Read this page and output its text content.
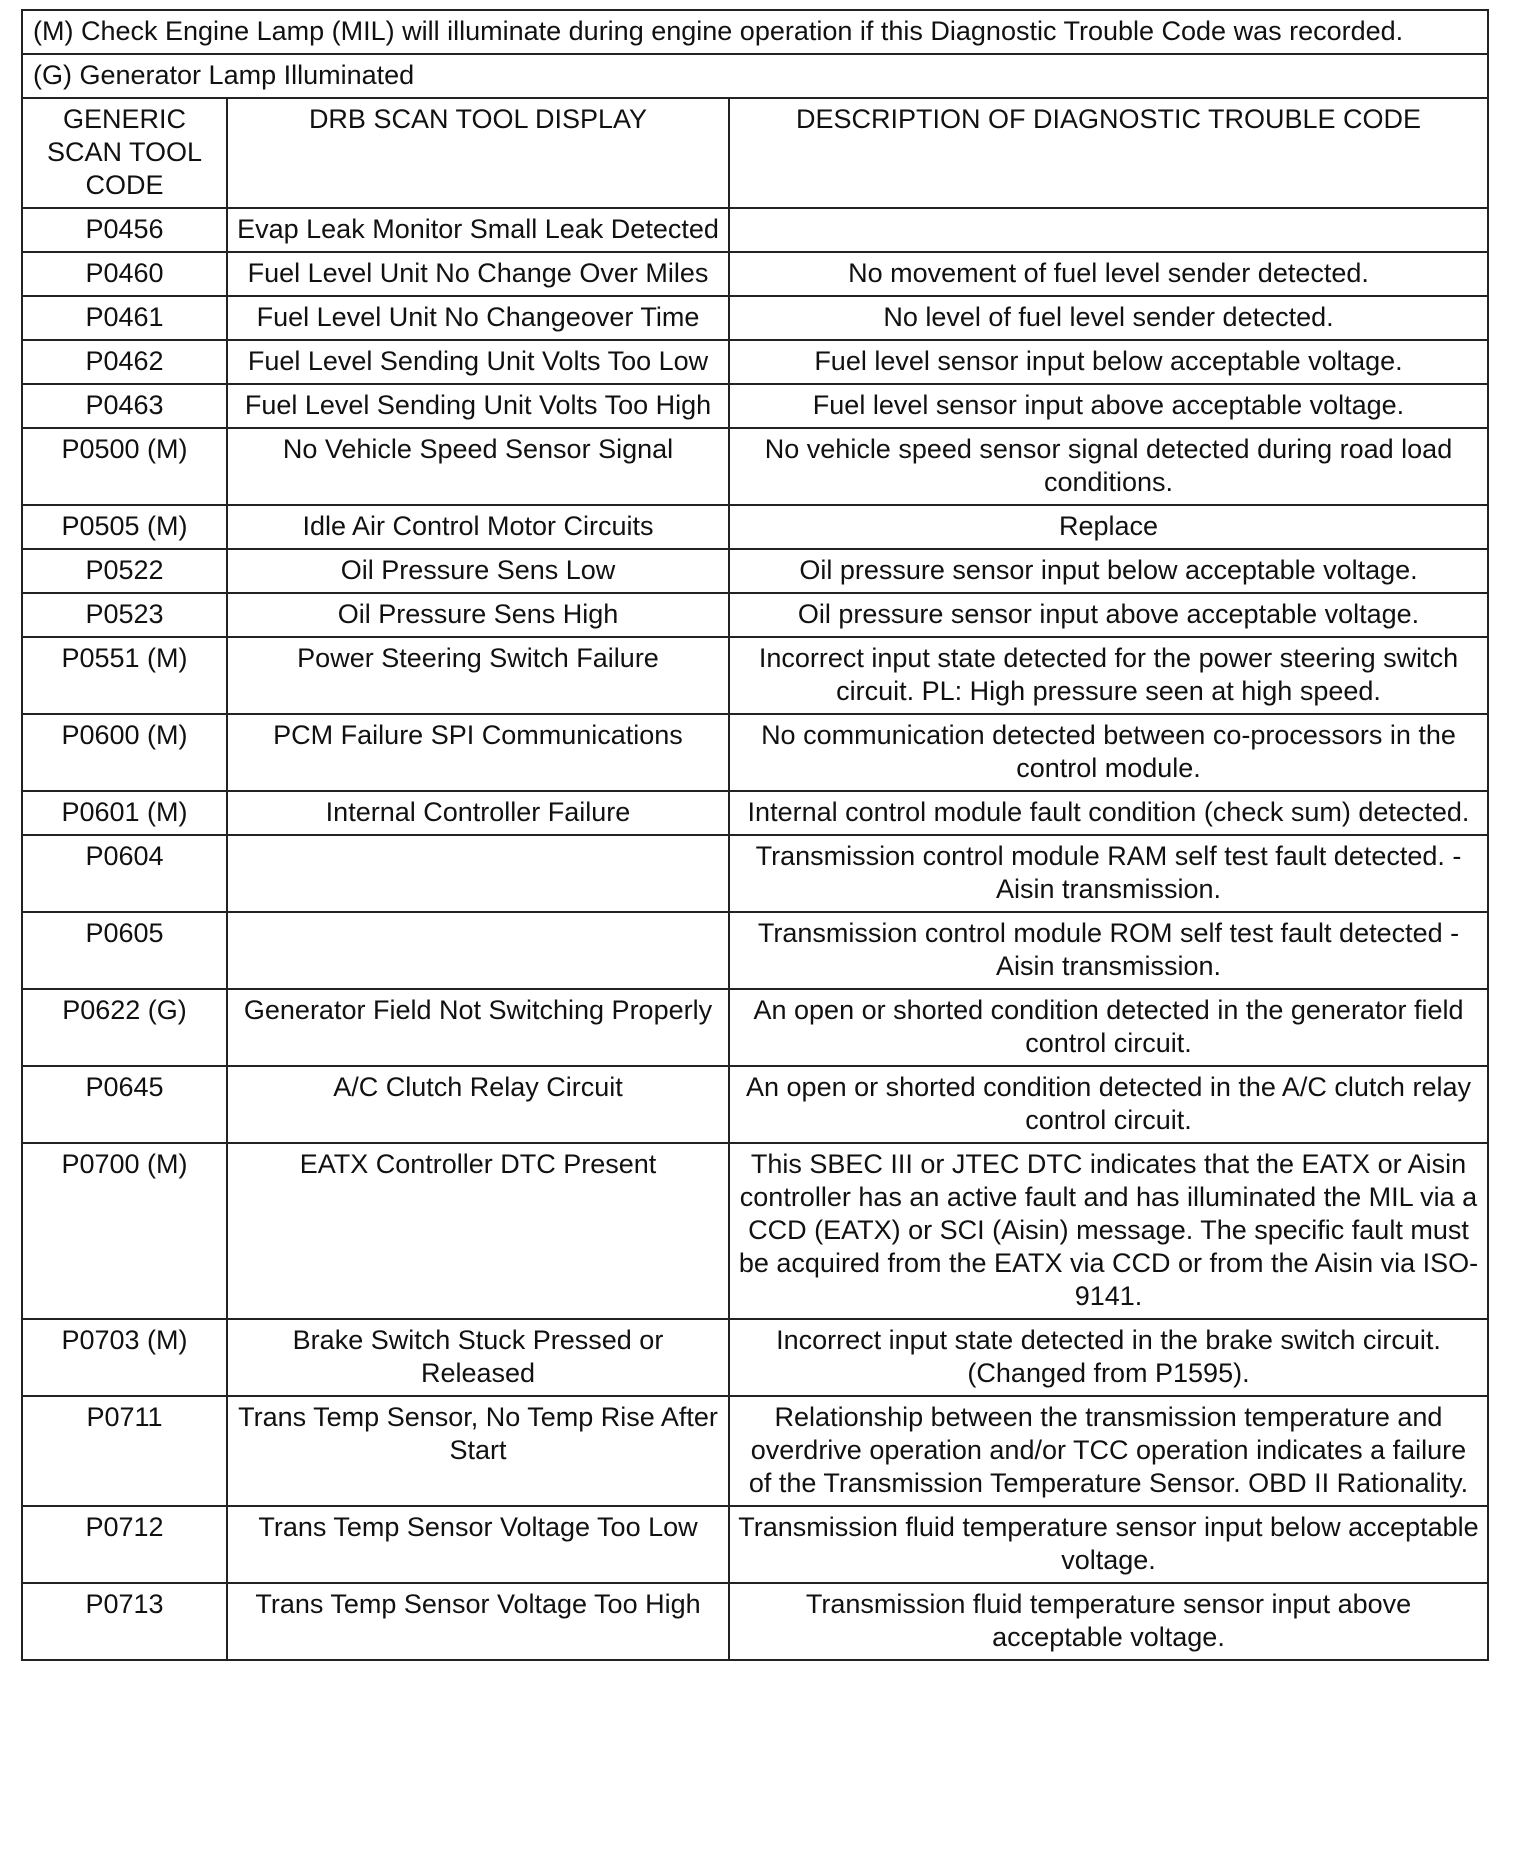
(M) Check Engine Lamp (MIL) will illuminate during engine operation if this Diagnostic Trouble Code was recorded.		
(G) Generator Lamp Illuminated		
GENERIC SCAN TOOL CODE	DRB SCAN TOOL DISPLAY	DESCRIPTION OF DIAGNOSTIC TROUBLE CODE
P0456	Evap Leak Monitor Small Leak Detected	
P0460	Fuel Level Unit No Change Over Miles	No movement of fuel level sender detected.
P0461	Fuel Level Unit No Changeover Time	No level of fuel level sender detected.
P0462	Fuel Level Sending Unit Volts Too Low	Fuel level sensor input below acceptable voltage.
P0463	Fuel Level Sending Unit Volts Too High	Fuel level sensor input above acceptable voltage.
P0500 (M)	No Vehicle Speed Sensor Signal	No vehicle speed sensor signal detected during road load conditions.
P0505 (M)	Idle Air Control Motor Circuits	Replace
P0522	Oil Pressure Sens Low	Oil pressure sensor input below acceptable voltage.
P0523	Oil Pressure Sens High	Oil pressure sensor input above acceptable voltage.
P0551 (M)	Power Steering Switch Failure	Incorrect input state detected for the power steering switch circuit. PL: High pressure seen at high speed.
P0600 (M)	PCM Failure SPI Communications	No communication detected between co-processors in the control module.
P0601 (M)	Internal Controller Failure	Internal control module fault condition (check sum) detected.
P0604		Transmission control module RAM self test fault detected. -Aisin transmission.
P0605		Transmission control module ROM self test fault detected -Aisin transmission.
P0622 (G)	Generator Field Not Switching Properly	An open or shorted condition detected in the generator field control circuit.
P0645	A/C Clutch Relay Circuit	An open or shorted condition detected in the A/C clutch relay control circuit.
P0700 (M)	EATX Controller DTC Present	This SBEC III or JTEC DTC indicates that the EATX or Aisin controller has an active fault and has illuminated the MIL via a CCD (EATX) or SCI (Aisin) message. The specific fault must be acquired from the EATX via CCD or from the Aisin via ISO-9141.
P0703 (M)	Brake Switch Stuck Pressed or Released	Incorrect input state detected in the brake switch circuit. (Changed from P1595).
P0711	Trans Temp Sensor, No Temp Rise After Start	Relationship between the transmission temperature and overdrive operation and/or TCC operation indicates a failure of the Transmission Temperature Sensor. OBD II Rationality.
P0712	Trans Temp Sensor Voltage Too Low	Transmission fluid temperature sensor input below acceptable voltage.
P0713	Trans Temp Sensor Voltage Too High	Transmission fluid temperature sensor input above acceptable voltage.
